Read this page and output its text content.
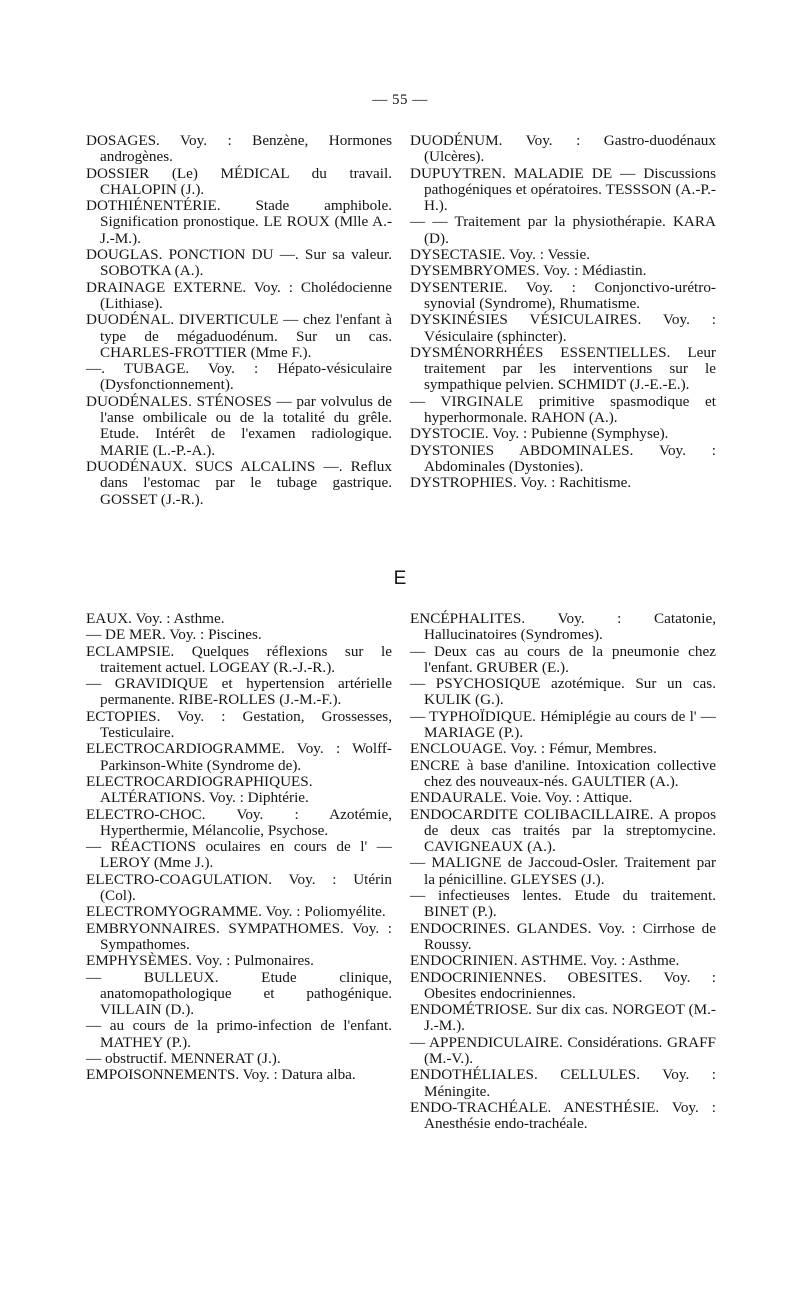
— 55 —

DOSAGES. Voy. : Benzène, Hormones androgènes.

DOSSIER (Le) MÉDICAL du travail. CHALOPIN (J.).

DOTHIÉNENTÉRIE. Stade amphibole. Signification pronostique. LE ROUX (Mlle A.-J.-M.).

DOUGLAS. PONCTION DU —. Sur sa valeur. SOBOTKA (A.).

DRAINAGE EXTERNE. Voy. : Cholédocienne (Lithiase).

DUODÉNAL. DIVERTICULE — chez l'enfant à type de mégaduodénum. Sur un cas. CHARLES-FROTTIER (Mme F.).

—. TUBAGE. Voy. : Hépato-vésiculaire (Dysfonctionnement).

DUODÉNALES. STÉNOSES — par volvulus de l'anse ombilicale ou de la totalité du grêle. Etude. Intérêt de l'examen radiologique. MARIE (L.-P.-A.).

DUODÉNAUX. SUCS ALCALINS —. Reflux dans l'estomac par le tubage gastrique. GOSSET (J.-R.).

DUODÉNUM. Voy. : Gastro-duodénaux (Ulcères).

DUPUYTREN. MALADIE DE — Discussions pathogéniques et opératoires. TESSSON (A.-P.-H.).

— — Traitement par la physiothérapie. KARA (D).

DYSECTASIE. Voy. : Vessie.

DYSEMBRYOMES. Voy. : Médiastin.

DYSENTERIE. Voy. : Conjonctivo-urétro-synovial (Syndrome), Rhumatisme.

DYSKINÉSIES VÉSICULAIRES. Voy. : Vésiculaire (sphincter).

DYSMÉNORRHÉES ESSENTIELLES. Leur traitement par les interventions sur le sympathique pelvien. SCHMIDT (J.-E.-E.).

— VIRGINALE primitive spasmodique et hyperhormonale. RAHON (A.).

DYSTOCIE. Voy. : Pubienne (Symphyse).

DYSTONIES ABDOMINALES. Voy. : Abdominales (Dystonies).

DYSTROPHIES. Voy. : Rachitisme.

E

EAUX. Voy. : Asthme.

— DE MER. Voy. : Piscines.

ECLAMPSIE. Quelques réflexions sur le traitement actuel. LOGEAY (R.-J.-R.).

— GRAVIDIQUE et hypertension artérielle permanente. RIBE-ROLLES (J.-M.-F.).

ECTOPIES. Voy. : Gestation, Grossesses, Testiculaire.

ELECTROCARDIOGRAMME. Voy. : Wolff-Parkinson-White (Syndrome de).

ELECTROCARDIOGRAPHIQUES. ALTÉRATIONS. Voy. : Diphtérie.

ELECTRO-CHOC. Voy. : Azotémie, Hyperthermie, Mélancolie, Psychose.

— RÉACTIONS oculaires en cours de l' — LEROY (Mme J.).

ELECTRO-COAGULATION. Voy. : Utérin (Col).

ELECTROMYOGRAMME. Voy. : Poliomyélite.

EMBRYONNAIRES. SYMPATHOMES. Voy. : Sympathomes.

EMPHYSÈMES. Voy. : Pulmonaires.

— BULLEUX. Etude clinique, anatomopathologique et pathogénique. VILLAIN (D.).

— au cours de la primo-infection de l'enfant. MATHEY (P.).

— obstructif. MENNERAT (J.).

EMPOISONNEMENTS. Voy. : Datura alba.

ENCÉPHALITES. Voy. : Catatonie, Hallucinatoires (Syndromes).

— Deux cas au cours de la pneumonie chez l'enfant. GRUBER (E.).

— PSYCHOSIQUE azotémique. Sur un cas. KULIK (G.).

— TYPHOÏDIQUE. Hémiplégie au cours de l' — MARIAGE (P.).

ENCLOUAGE. Voy. : Fémur, Membres.

ENCRE à base d'aniline. Intoxication collective chez des nouveaux-nés. GAULTIER (A.).

ENDAURALE. Voie. Voy. : Attique.

ENDOCARDITE COLIBACILLAIRE. A propos de deux cas traités par la streptomycine. CAVIGNEAUX (A.).

— MALIGNE de Jaccoud-Osler. Traitement par la pénicilline. GLEYSES (J.).

— infectieuses lentes. Etude du traitement. BINET (P.).

ENDOCRINES. GLANDES. Voy. : Cirrhose de Roussy.

ENDOCRINIEN. ASTHME. Voy. : Asthme.

ENDOCRINIENNES. OBESITES. Voy. : Obesites endocriniennes.

ENDOMÉTRIOSE. Sur dix cas. NORGEOT (M.-J.-M.).

— APPENDICULAIRE. Considérations. GRAFF (M.-V.).

ENDOTHÉLIALES. CELLULES. Voy. : Méningite.

ENDO-TRACHÉALE. ANESTHÉSIE. Voy. : Anesthésie endo-trachéale.
